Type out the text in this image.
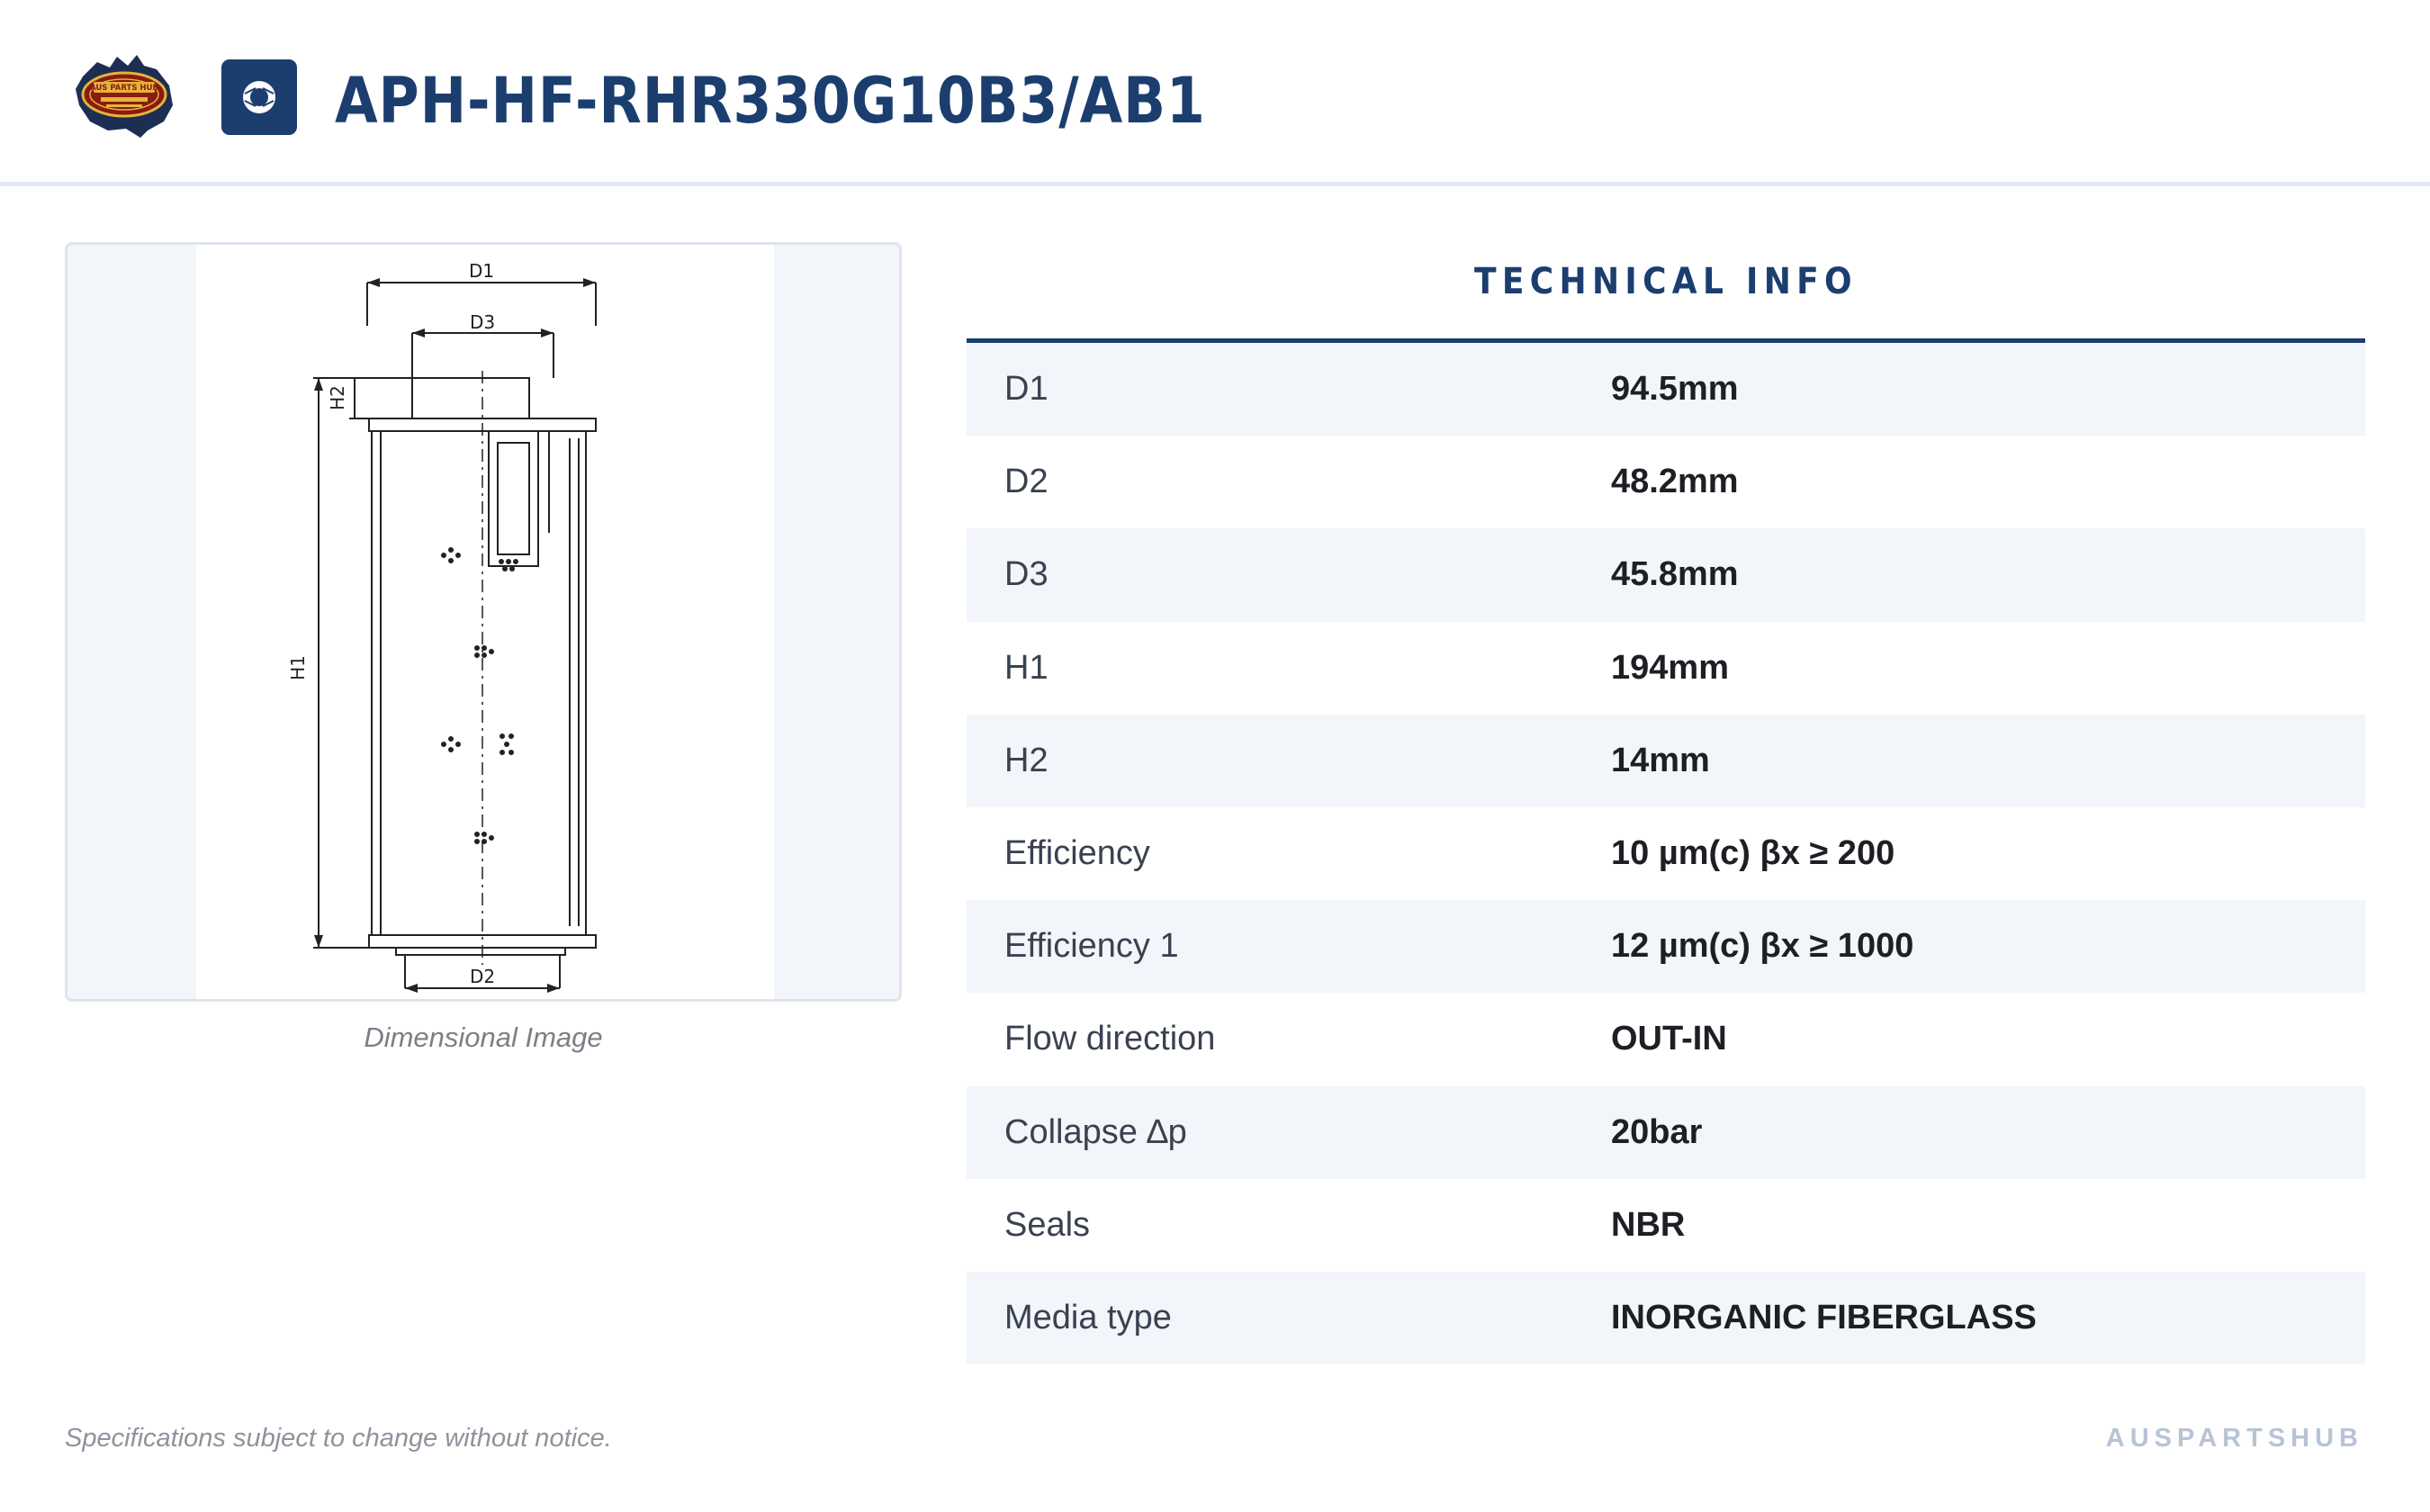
AUS PARTS HUB	APH-HF-RHR330G10B3/AB1
D1
D3
D2
H1
H2
Dimensional Image
TECHNICAL INFO
D1	94.5mm
D2	48.2mm
D3	45.8mm
H1	194mm
H2	14mm
Efficiency	10 µm(c) βx ≥ 200
Efficiency 1	12 µm(c) βx ≥ 1000
Flow direction	OUT-IN
Collapse ∆p	20bar
Seals	NBR
Media type	INORGANIC FIBERGLASS
Specifications subject to change without notice.	AUSPARTSHUB
